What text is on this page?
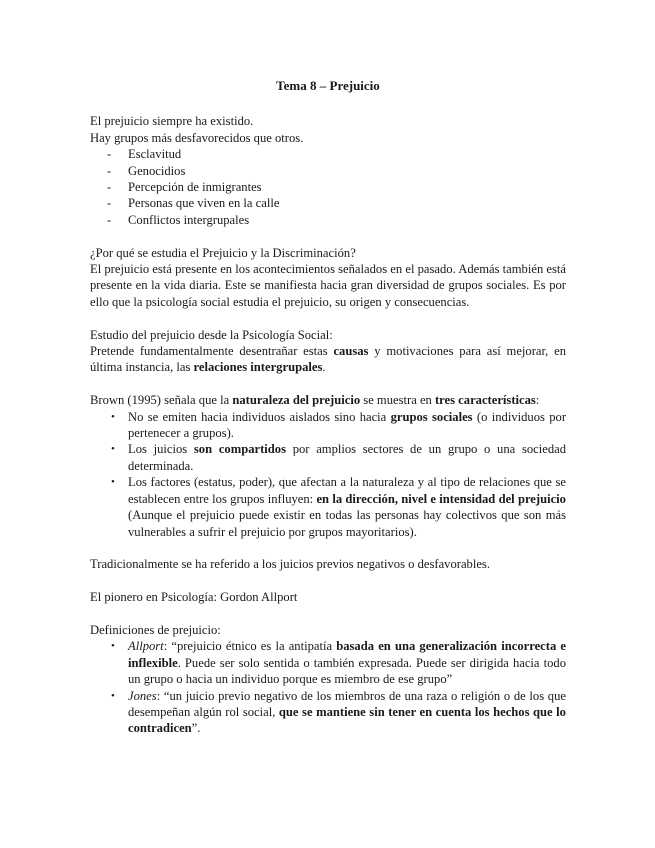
Tema 8 – Prejuicio

El prejuicio siempre ha existido.

Hay grupos más desfavorecidos que otros.

- Esclavitud
- Genocidios
- Percepción de inmigrantes
- Personas que viven en la calle
- Conflictos intergrupales

¿Por qué se estudia el Prejuicio y la Discriminación?

El prejuicio está presente en los acontecimientos señalados en el pasado. Además también está presente en la vida diaria. Este se manifiesta hacia gran diversidad de grupos sociales. Es por ello que la psicología social estudia el prejuicio, su origen y consecuencias.

Estudio del prejuicio desde la Psicología Social:

Pretende fundamentalmente desentrañar estas causas y motivaciones para así mejorar, en última instancia, las relaciones intergrupales.

Brown (1995) señala que la naturaleza del prejuicio se muestra en tres características:

• No se emiten hacia individuos aislados sino hacia grupos sociales (o individuos por pertenecer a grupos).
• Los juicios son compartidos por amplios sectores de un grupo o una sociedad determinada.
• Los factores (estatus, poder), que afectan a la naturaleza y al tipo de relaciones que se establecen entre los grupos influyen: en la dirección, nivel e intensidad del prejuicio (Aunque el prejuicio puede existir en todas las personas hay colectivos que son más vulnerables a sufrir el prejuicio por grupos mayoritarios).

Tradicionalmente se ha referido a los juicios previos negativos o desfavorables.

El pionero en Psicología: Gordon Allport

Definiciones de prejuicio:

• Allport: “prejuicio étnico es la antipatía basada en una generalización incorrecta e inflexible. Puede ser solo sentida o también expresada. Puede ser dirigida hacia todo un grupo o hacia un individuo porque es miembro de ese grupo”
• Jones: “un juicio previo negativo de los miembros de una raza o religión o de los que desempeñan algún rol social, que se mantiene sin tener en cuenta los hechos que lo contradicen”.
